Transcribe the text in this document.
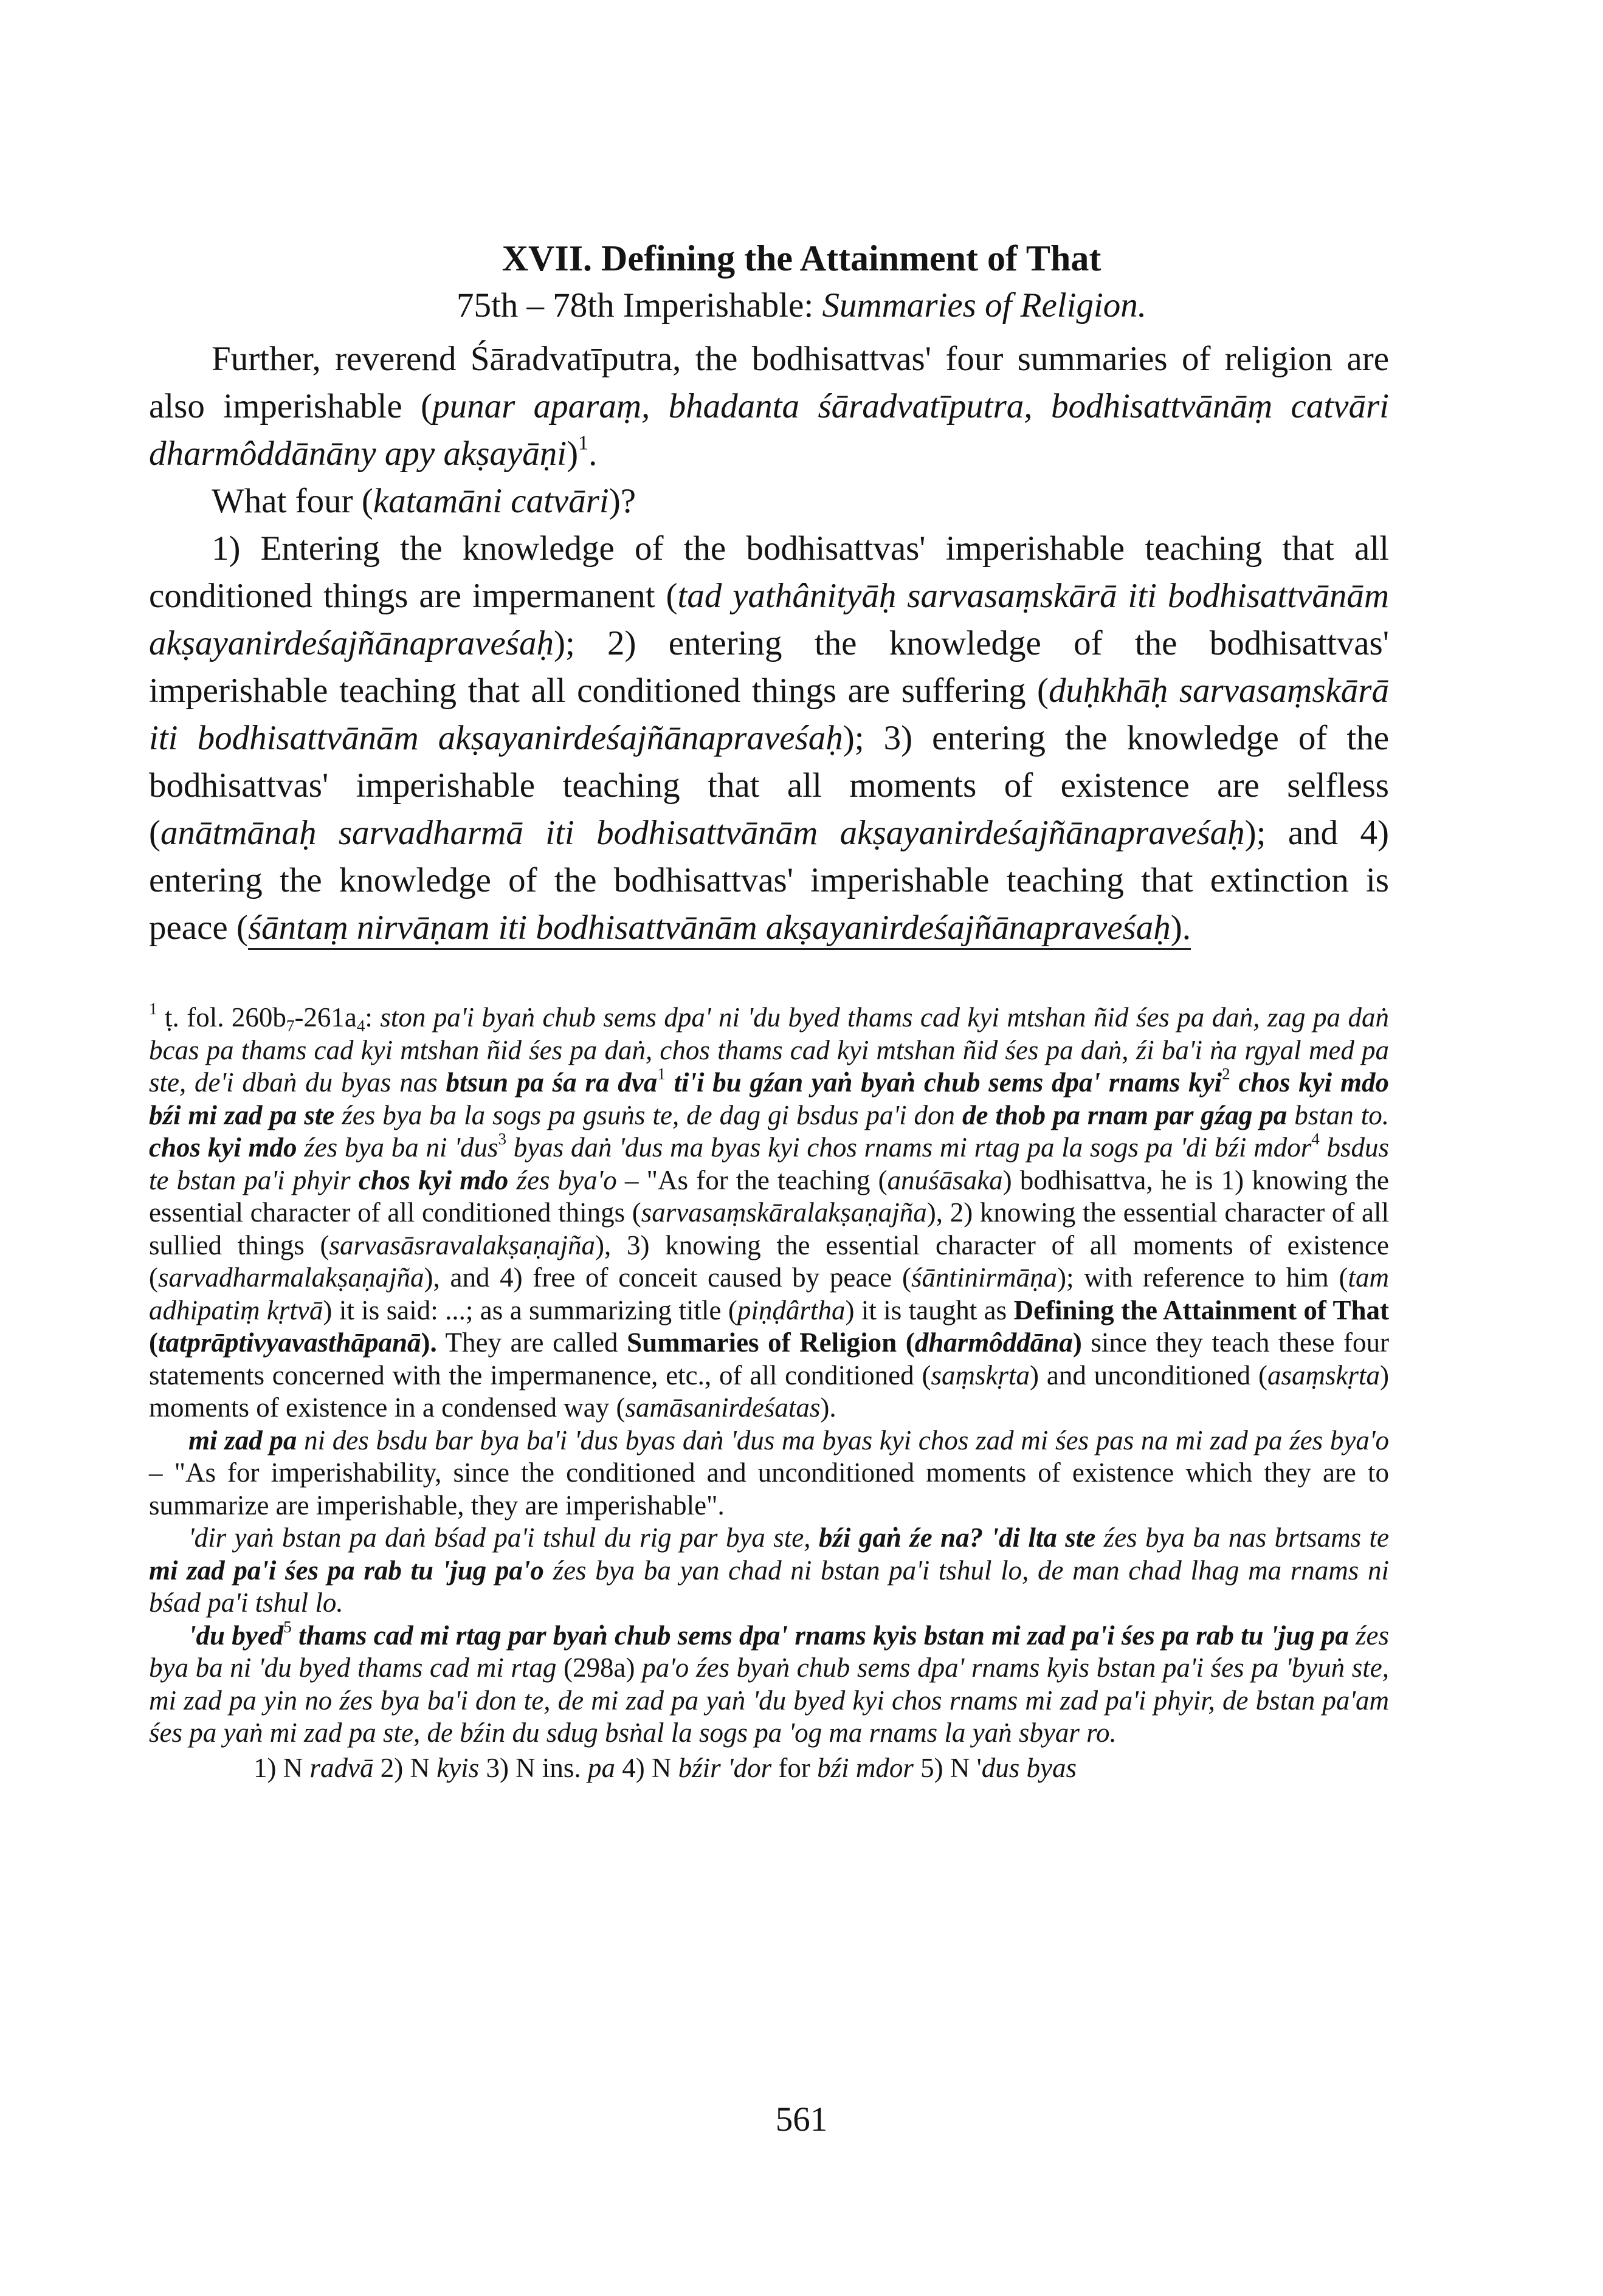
XVII. Defining the Attainment of That
75th – 78th Imperishable: Summaries of Religion.

Further, reverend Śāradvatīputra, the bodhisattvas' four summaries of religion are also imperishable (punar aparaṃ, bhadanta śāradvatīputra, bodhisattvānāṃ catvāri dharmôddānāny apy akṣayāṇi)$^1$.

What four (katamāni catvāri)?

1) Entering the knowledge of the bodhisattvas' imperishable teaching that all conditioned things are impermanent (tad yathânityāḥ sarvasaṃskārā iti bodhisattvānām akṣayanirdeśajñānapraveśaḥ); 2) entering the knowledge of the bodhisattvas' imperishable teaching that all conditioned things are suffering (duḥkhāḥ sarvasaṃskārā iti bodhisattvānām akṣayanirdeśajñānapraveśaḥ); 3) entering the knowledge of the bodhisattvas' imperishable teaching that all moments of existence are selfless (anātmānaḥ sarvadharmā iti bodhisattvānām akṣayanirdeśajñānapraveśaḥ); and 4) entering the knowledge of the bodhisattvas' imperishable teaching that extinction is peace (śāntaṃ nirvāṇam iti bodhisattvānām akṣayanirdeśajñānapraveśaḥ).

$^1$ ṭ. fol. $260b_7-261a_4$: ston pa'i byaṅ chub sems dpa' ni 'du byed thams cad kyi mtshan ñid śes pa daṅ, zag pa daṅ bcas pa thams cad kyi mtshan ñid śes pa daṅ, chos thams cad kyi mtshan ñid śes pa daṅ, źi ba'i ṅa rgyal med pa ste, de'i dbaṅ du byas nas btsun pa śa ra dva$^1$ ti'i bu gźan yaṅ byaṅ chub sems dpa' rnams kyi$^2$ chos kyi mdo bźi mi zad pa ste źes bya ba la sogs pa gsuṅs te, de dag gi bsdus pa'i don de thob pa rnam par gźag pa bstan to. chos kyi mdo źes bya ba ni 'dus$^3$ byas daṅ 'dus ma byas kyi chos rnams mi rtag pa la sogs pa 'di bźi mdor$^4$ bsdus te bstan pa'i phyir chos kyi mdo źes bya'o – "As for the teaching (anuśāsaka) bodhisattva, he is 1) knowing the essential character of all conditioned things (sarvasaṃskāralakṣaṇajña), 2) knowing the essential character of all sullied things (sarvasāsravalakṣaṇajña), 3) knowing the essential character of all moments of existence (sarvadharmalakṣaṇajña), and 4) free of conceit caused by peace (śāntinirmāṇa); with reference to him (tam adhipatiṃ kṛtvā) it is said: ...; as a summarizing title (piṇḍârtha) it is taught as Defining the Attainment of That (tatprāptivyavasthāpanā). They are called Summaries of Religion (dharmôddāna) since they teach these four statements concerned with the impermanence, etc., of all conditioned (saṃskṛta) and unconditioned (asaṃskṛta) moments of existence in a condensed way (samāsanirdeśatas).

mi zad pa ni des bsdu bar bya ba'i 'dus byas daṅ 'dus ma byas kyi chos zad mi śes pas na mi zad pa źes bya'o – "As for imperishability, since the conditioned and unconditioned moments of existence which they are to summarize are imperishable, they are imperishable".

'dir yaṅ bstan pa daṅ bśad pa'i tshul du rig par bya ste, bźi gaṅ źe na? 'di lta ste źes bya ba nas brtsams te mi zad pa'i śes pa rab tu 'jug pa'o źes bya ba yan chad ni bstan pa'i tshul lo, de man chad lhag ma rnams ni bśad pa'i tshul lo.

'du byed$^5$ thams cad mi rtag par byaṅ chub sems dpa' rnams kyis bstan mi zad pa'i śes pa rab tu 'jug pa źes bya ba ni 'du byed thams cad mi rtag (298a) pa'o źes byaṅ chub sems dpa' rnams kyis bstan pa'i śes pa 'byuṅ ste, mi zad pa yin no źes bya ba'i don te, de mi zad pa yaṅ 'du byed kyi chos rnams mi zad pa'i phyir, de bstan pa'am śes pa yaṅ mi zad pa ste, de bźin du sdug bsṅal la sogs pa 'og ma rnams la yaṅ sbyar ro.

1) N radvā 2) N kyis 3) N ins. pa 4) N bźir 'dor for bźi mdor 5) N 'dus byas

561
